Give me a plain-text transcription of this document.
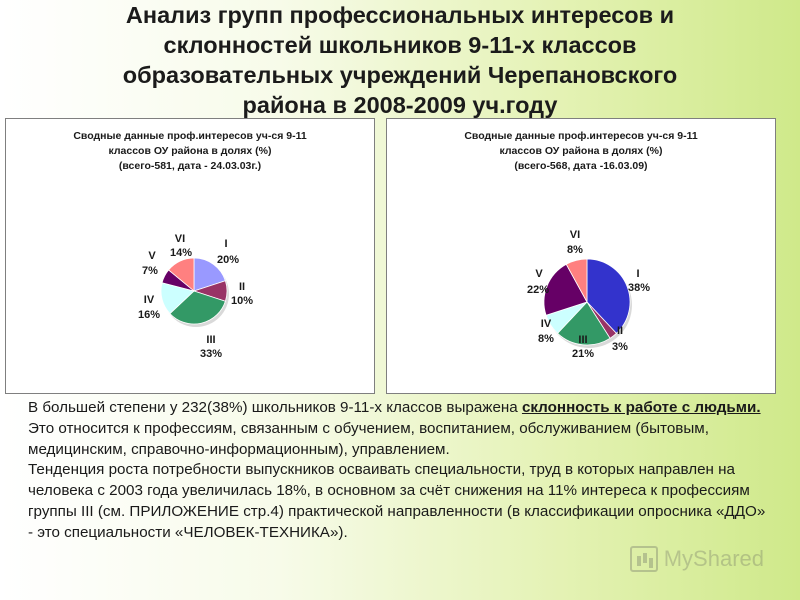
Анализ групп профессиональных интересов и
склонностей школьников 9-11-х классов
образовательных учреждений Черепановского
района в 2008-2009 уч.году
Сводные данные проф.интересов уч-ся 9-11
классов ОУ района в долях (%)
(всего-581, дата - 24.03.03г.)
I
20%
II
10%
III
33%
IV
16%
V
7%
VI
14%
Сводные данные проф.интересов уч-ся 9-11
классов ОУ района в долях (%)
(всего-568, дата -16.03.09)
I
38%
II
3%
III
21%
IV
8%
V
22%
VI
8%
В большей степени у 232(38%) школьников 9-11-х классов выражена склонность к работе с людьми. Это относится к профессиям, связанным с обучением, воспитанием, обслуживанием (бытовым, медицинским, справочно-информационным), управлением.
Тенденция роста потребности выпускников осваивать специальности, труд в которых направлен на человека с 2003 года увеличилась 18%, в основном за счёт снижения на 11% интереса к профессиям группы III (см. ПРИЛОЖЕНИЕ стр.4) практической направленности (в классификации опросника «ДДО» - это специальности «ЧЕЛОВЕК-ТЕХНИКА»).
MyShared
